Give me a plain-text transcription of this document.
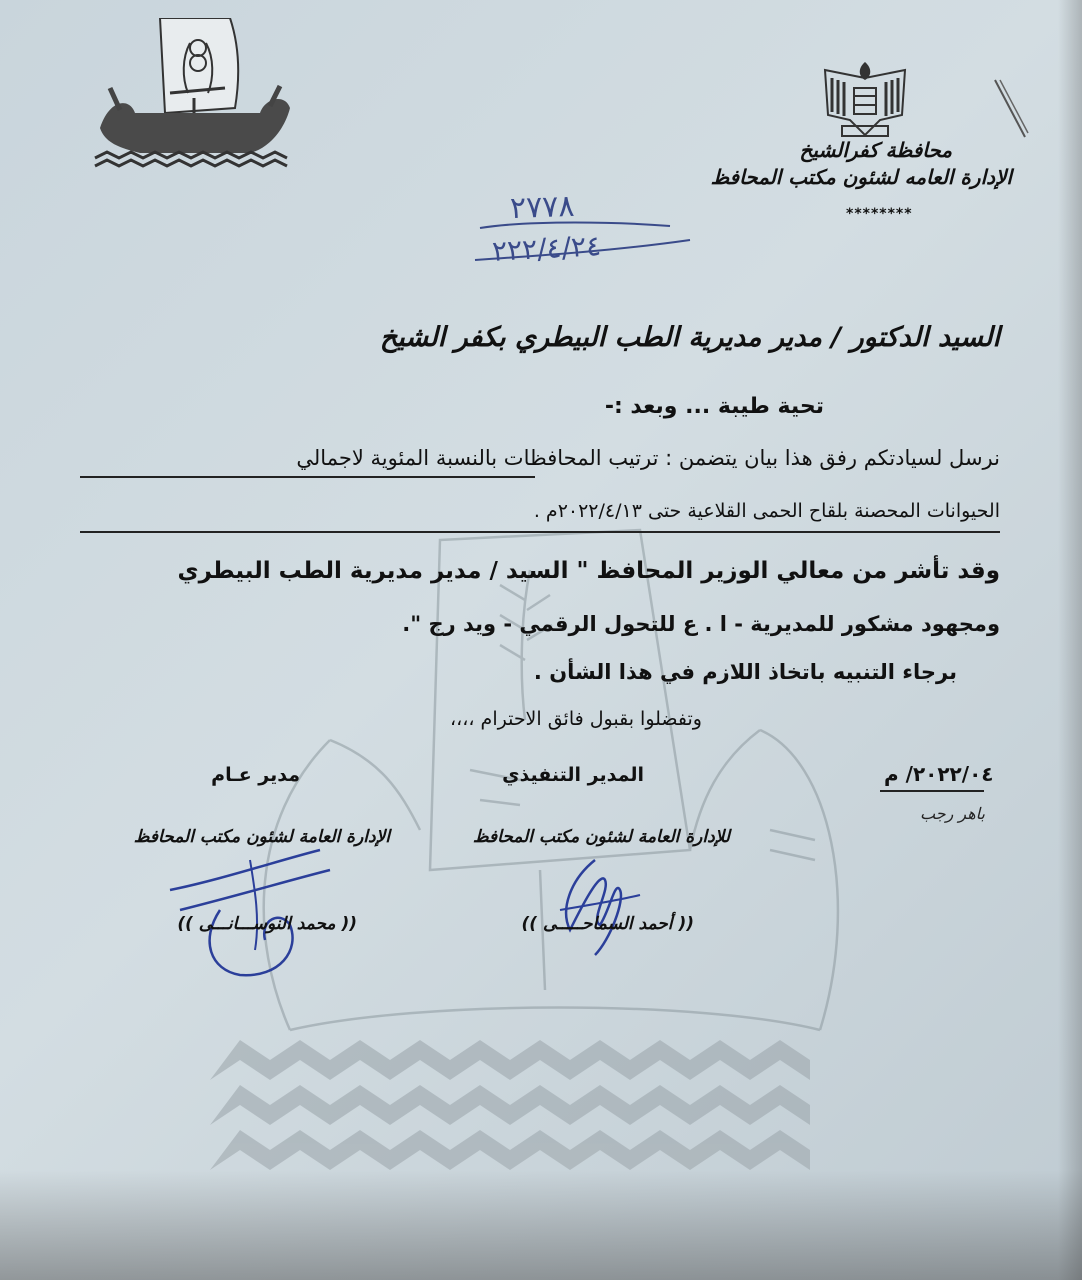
محافظة كفرالشيخ
الإدارة العامه لشئون مكتب المحافظ
********
٢٧٧٨
٢٢٢/٤/٢٤
السيد الدكتور / مدير مديرية الطب البيطري بكفر الشيخ
تحية طيبة ... وبعد :-
نرسل لسيادتكم رفق هذا بيان يتضمن : ترتيب المحافظات بالنسبة المئوية لاجمالي
الحيوانات المحصنة بلقاح الحمى القلاعية حتى ٢٠٢٢/٤/١٣م .
وقد تأشر من معالي الوزير المحافظ " السيد / مدير مديرية الطب البيطري
ومجهود مشكور للمديرية - ا . ع للتحول الرقمي - ويد رج ".
برجاء التنبيه باتخاذ اللازم في هذا الشأن .
وتفضلوا بقبول فائق الاحترام ،،،،
٢٠٢٢/٠٤/ م
باهر رجب
المدير التنفيذي
مدير عـام
للإدارة العامة لشئون مكتب المحافظ
الإدارة العامة لشئون مكتب المحافظ
(( أحمد السماحـــــى ))
(( محمد النوســـانـــى ))
